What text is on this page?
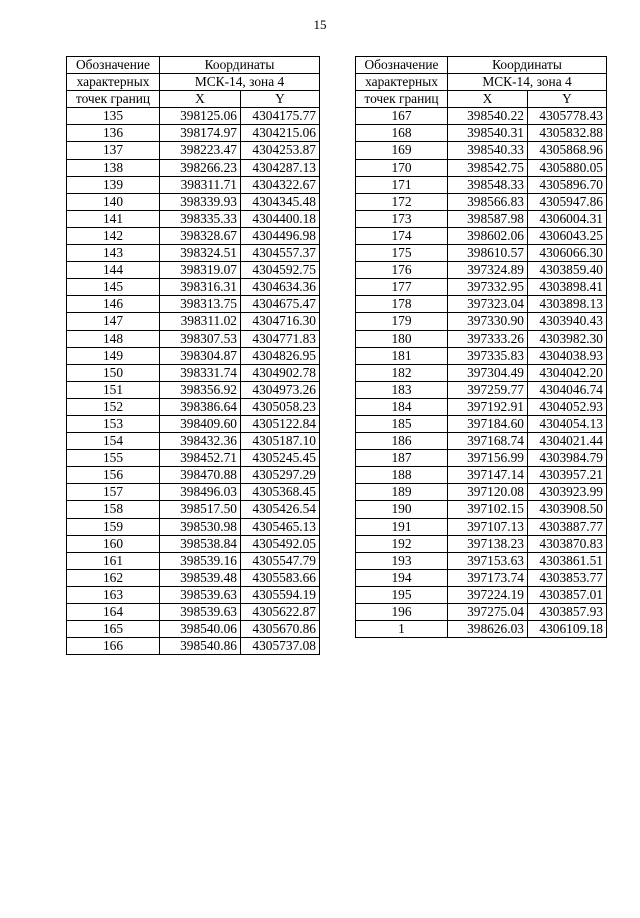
15
Обозначение	Координаты	
характерных	МСК-14, зона 4	
точек границ	X	Y
135	398125.06	4304175.77
136	398174.97	4304215.06
137	398223.47	4304253.87
138	398266.23	4304287.13
139	398311.71	4304322.67
140	398339.93	4304345.48
141	398335.33	4304400.18
142	398328.67	4304496.98
143	398324.51	4304557.37
144	398319.07	4304592.75
145	398316.31	4304634.36
146	398313.75	4304675.47
147	398311.02	4304716.30
148	398307.53	4304771.83
149	398304.87	4304826.95
150	398331.74	4304902.78
151	398356.92	4304973.26
152	398386.64	4305058.23
153	398409.60	4305122.84
154	398432.36	4305187.10
155	398452.71	4305245.45
156	398470.88	4305297.29
157	398496.03	4305368.45
158	398517.50	4305426.54
159	398530.98	4305465.13
160	398538.84	4305492.05
161	398539.16	4305547.79
162	398539.48	4305583.66
163	398539.63	4305594.19
164	398539.63	4305622.87
165	398540.06	4305670.86
166	398540.86	4305737.08
Обозначение	Координаты	
характерных	МСК-14, зона 4	
точек границ	X	Y
167	398540.22	4305778.43
168	398540.31	4305832.88
169	398540.33	4305868.96
170	398542.75	4305880.05
171	398548.33	4305896.70
172	398566.83	4305947.86
173	398587.98	4306004.31
174	398602.06	4306043.25
175	398610.57	4306066.30
176	397324.89	4303859.40
177	397332.95	4303898.41
178	397323.04	4303898.13
179	397330.90	4303940.43
180	397333.26	4303982.30
181	397335.83	4304038.93
182	397304.49	4304042.20
183	397259.77	4304046.74
184	397192.91	4304052.93
185	397184.60	4304054.13
186	397168.74	4304021.44
187	397156.99	4303984.79
188	397147.14	4303957.21
189	397120.08	4303923.99
190	397102.15	4303908.50
191	397107.13	4303887.77
192	397138.23	4303870.83
193	397153.63	4303861.51
194	397173.74	4303853.77
195	397224.19	4303857.01
196	397275.04	4303857.93
1	398626.03	4306109.18
